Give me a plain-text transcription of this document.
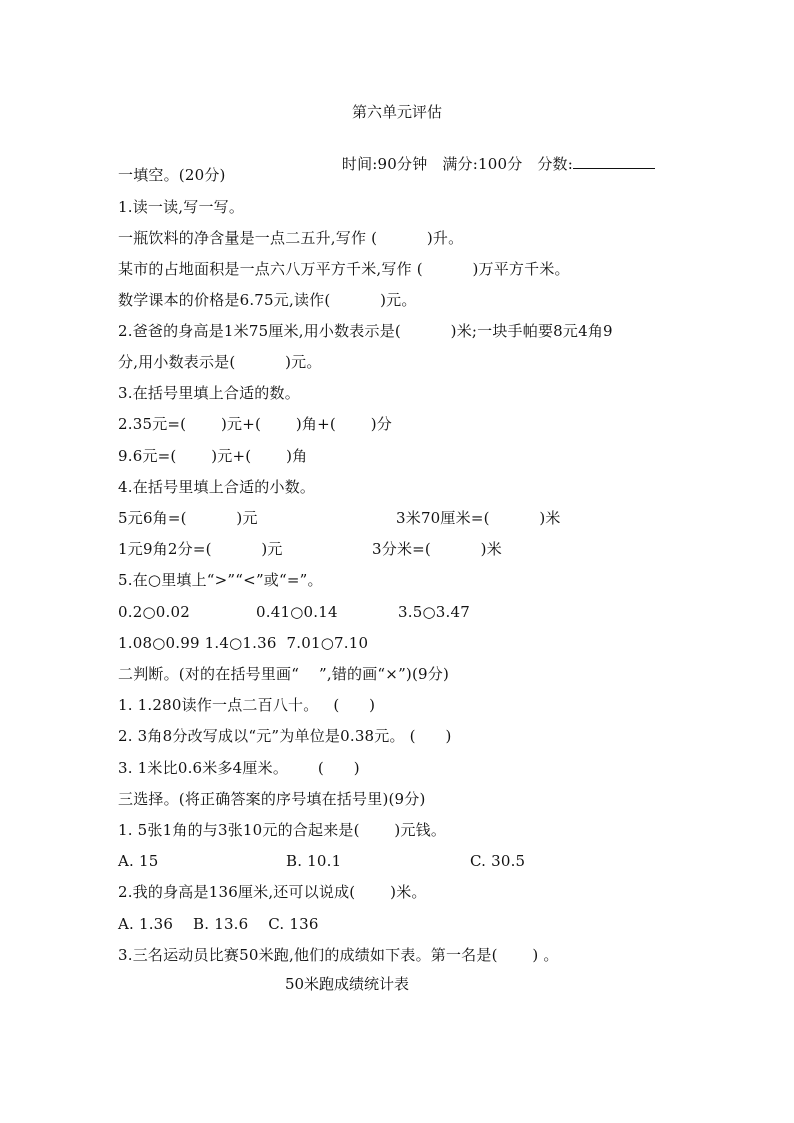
第六单元评估

时间:90分钟 满分:100分 分数:

一填空。(20分)
1.读一读,写一写。
一瓶饮料的净含量是一点二五升,写作 (          )升。
某市的占地面积是一点六八万平方千米,写作 (          )万平方千米。
数学课本的价格是6.75元,读作(          )元。
2.爸爸的身高是1米75厘米,用小数表示是(          )米;一块手帕要8元4角9
分,用小数表示是(          )元。
3.在括号里填上合适的数。
2.35元=(       )元+(       )角+(       )分
9.6元=(       )元+(       )角
4.在括号里填上合适的小数。
5元6角=(          )元	3米70厘米=(          )米
1元9角2分=(          )元	3分米=(          )米
5.在○里填上“>”“<”或“=”。
0.2○0.02	0.41○0.14	3.5○3.47
1.08○0.99 1.4○1.36  7.01○7.10
二判断。(对的在括号里画“    ”,错的画“×”)(9分)
1. 1.280读作一点二百八十。   (      )
2. 3角8分改写成以“元”为单位是0.38元。 (      )
3. 1米比0.6米多4厘米。      (      )
三选择。(将正确答案的序号填在括号里)(9分)
1. 5张1角的与3张10元的合起来是(       )元钱。
A. 15	B. 10.1	C. 30.5
2.我的身高是136厘米,还可以说成(       )米。
A. 1.36    B. 13.6    C. 136
3.三名运动员比赛50米跑,他们的成绩如下表。第一名是(       ) 。
50米跑成绩统计表
